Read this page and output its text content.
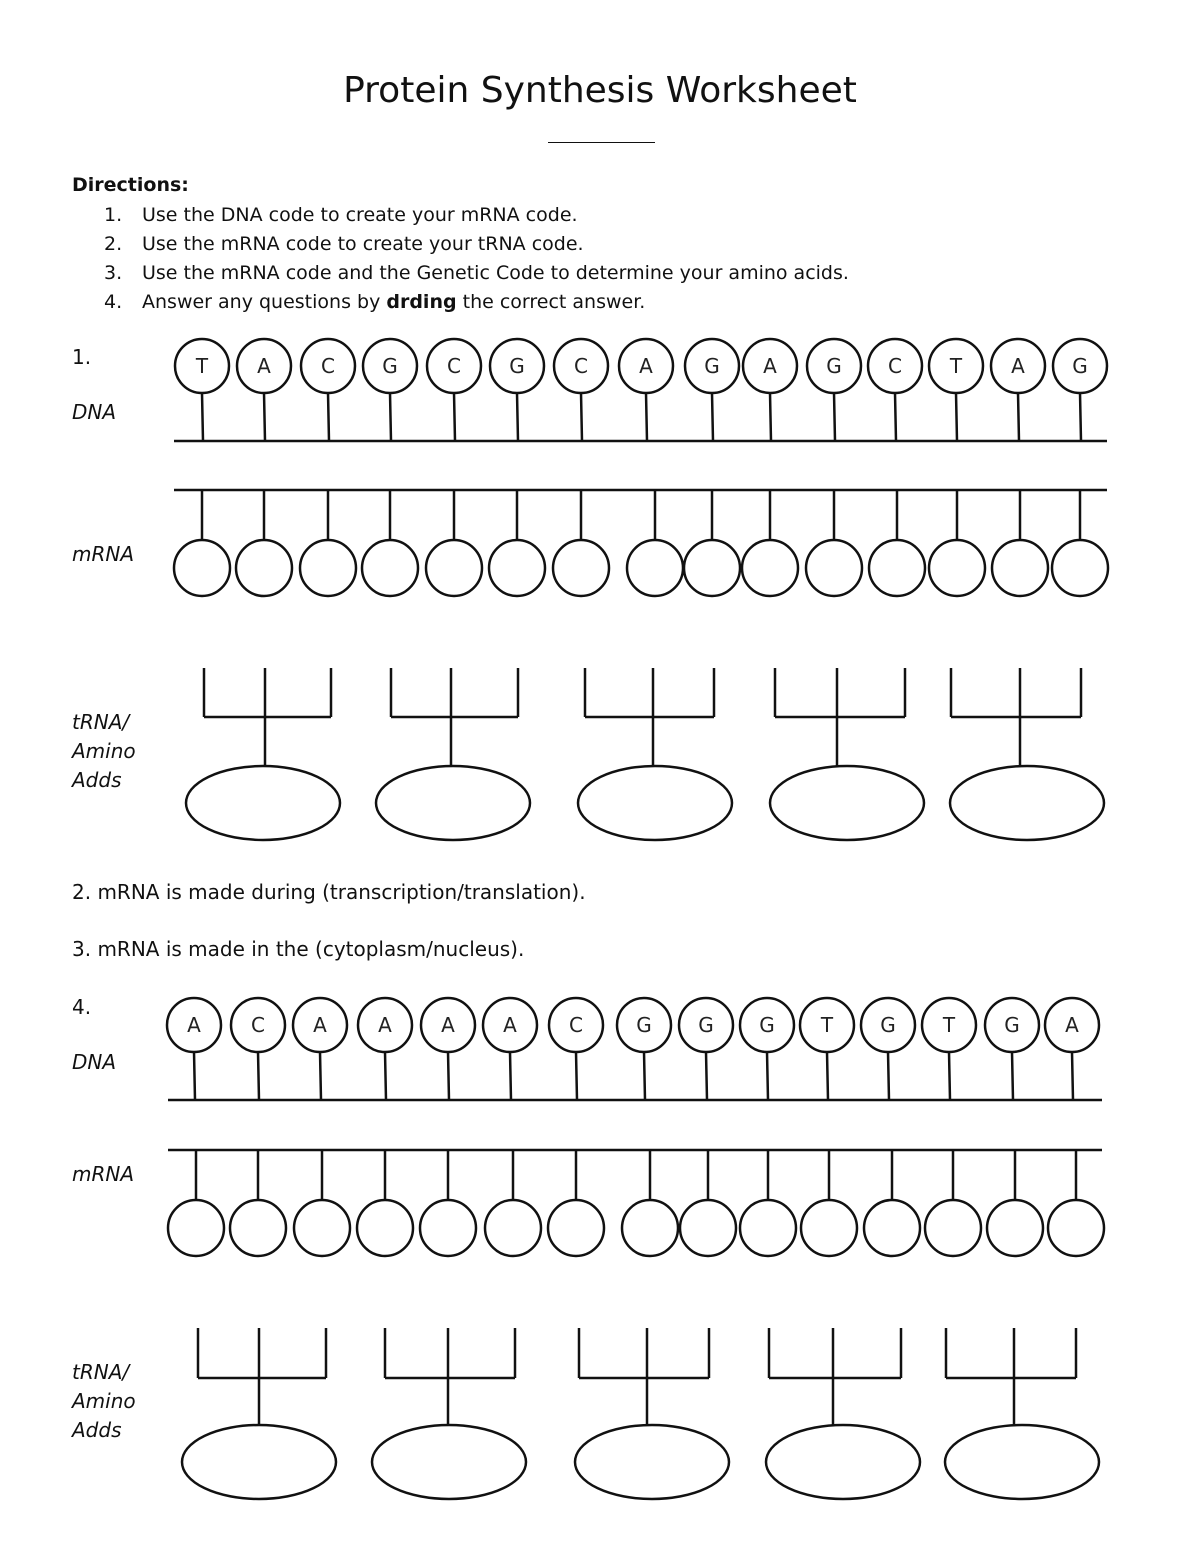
Protein Synthesis Worksheet
Directions:
1. Use the DNA code to create your mRNA code.
2. Use the mRNA code to create your tRNA code.
3. Use the mRNA code and the Genetic Code to determine your amino acids.
4. Answer any questions by drding the correct answer.
1.
DNA
mRNA
tRNA/
Amino
Adds
2. mRNA is made during (transcription/translation).
3. mRNA is made in the (cytoplasm/nucleus).
4.
DNA
mRNA
tRNA/
Amino
Adds
T A	C G C G C	A	G A G C T A G
A	C A	A A A	C	G G G T G T G A
